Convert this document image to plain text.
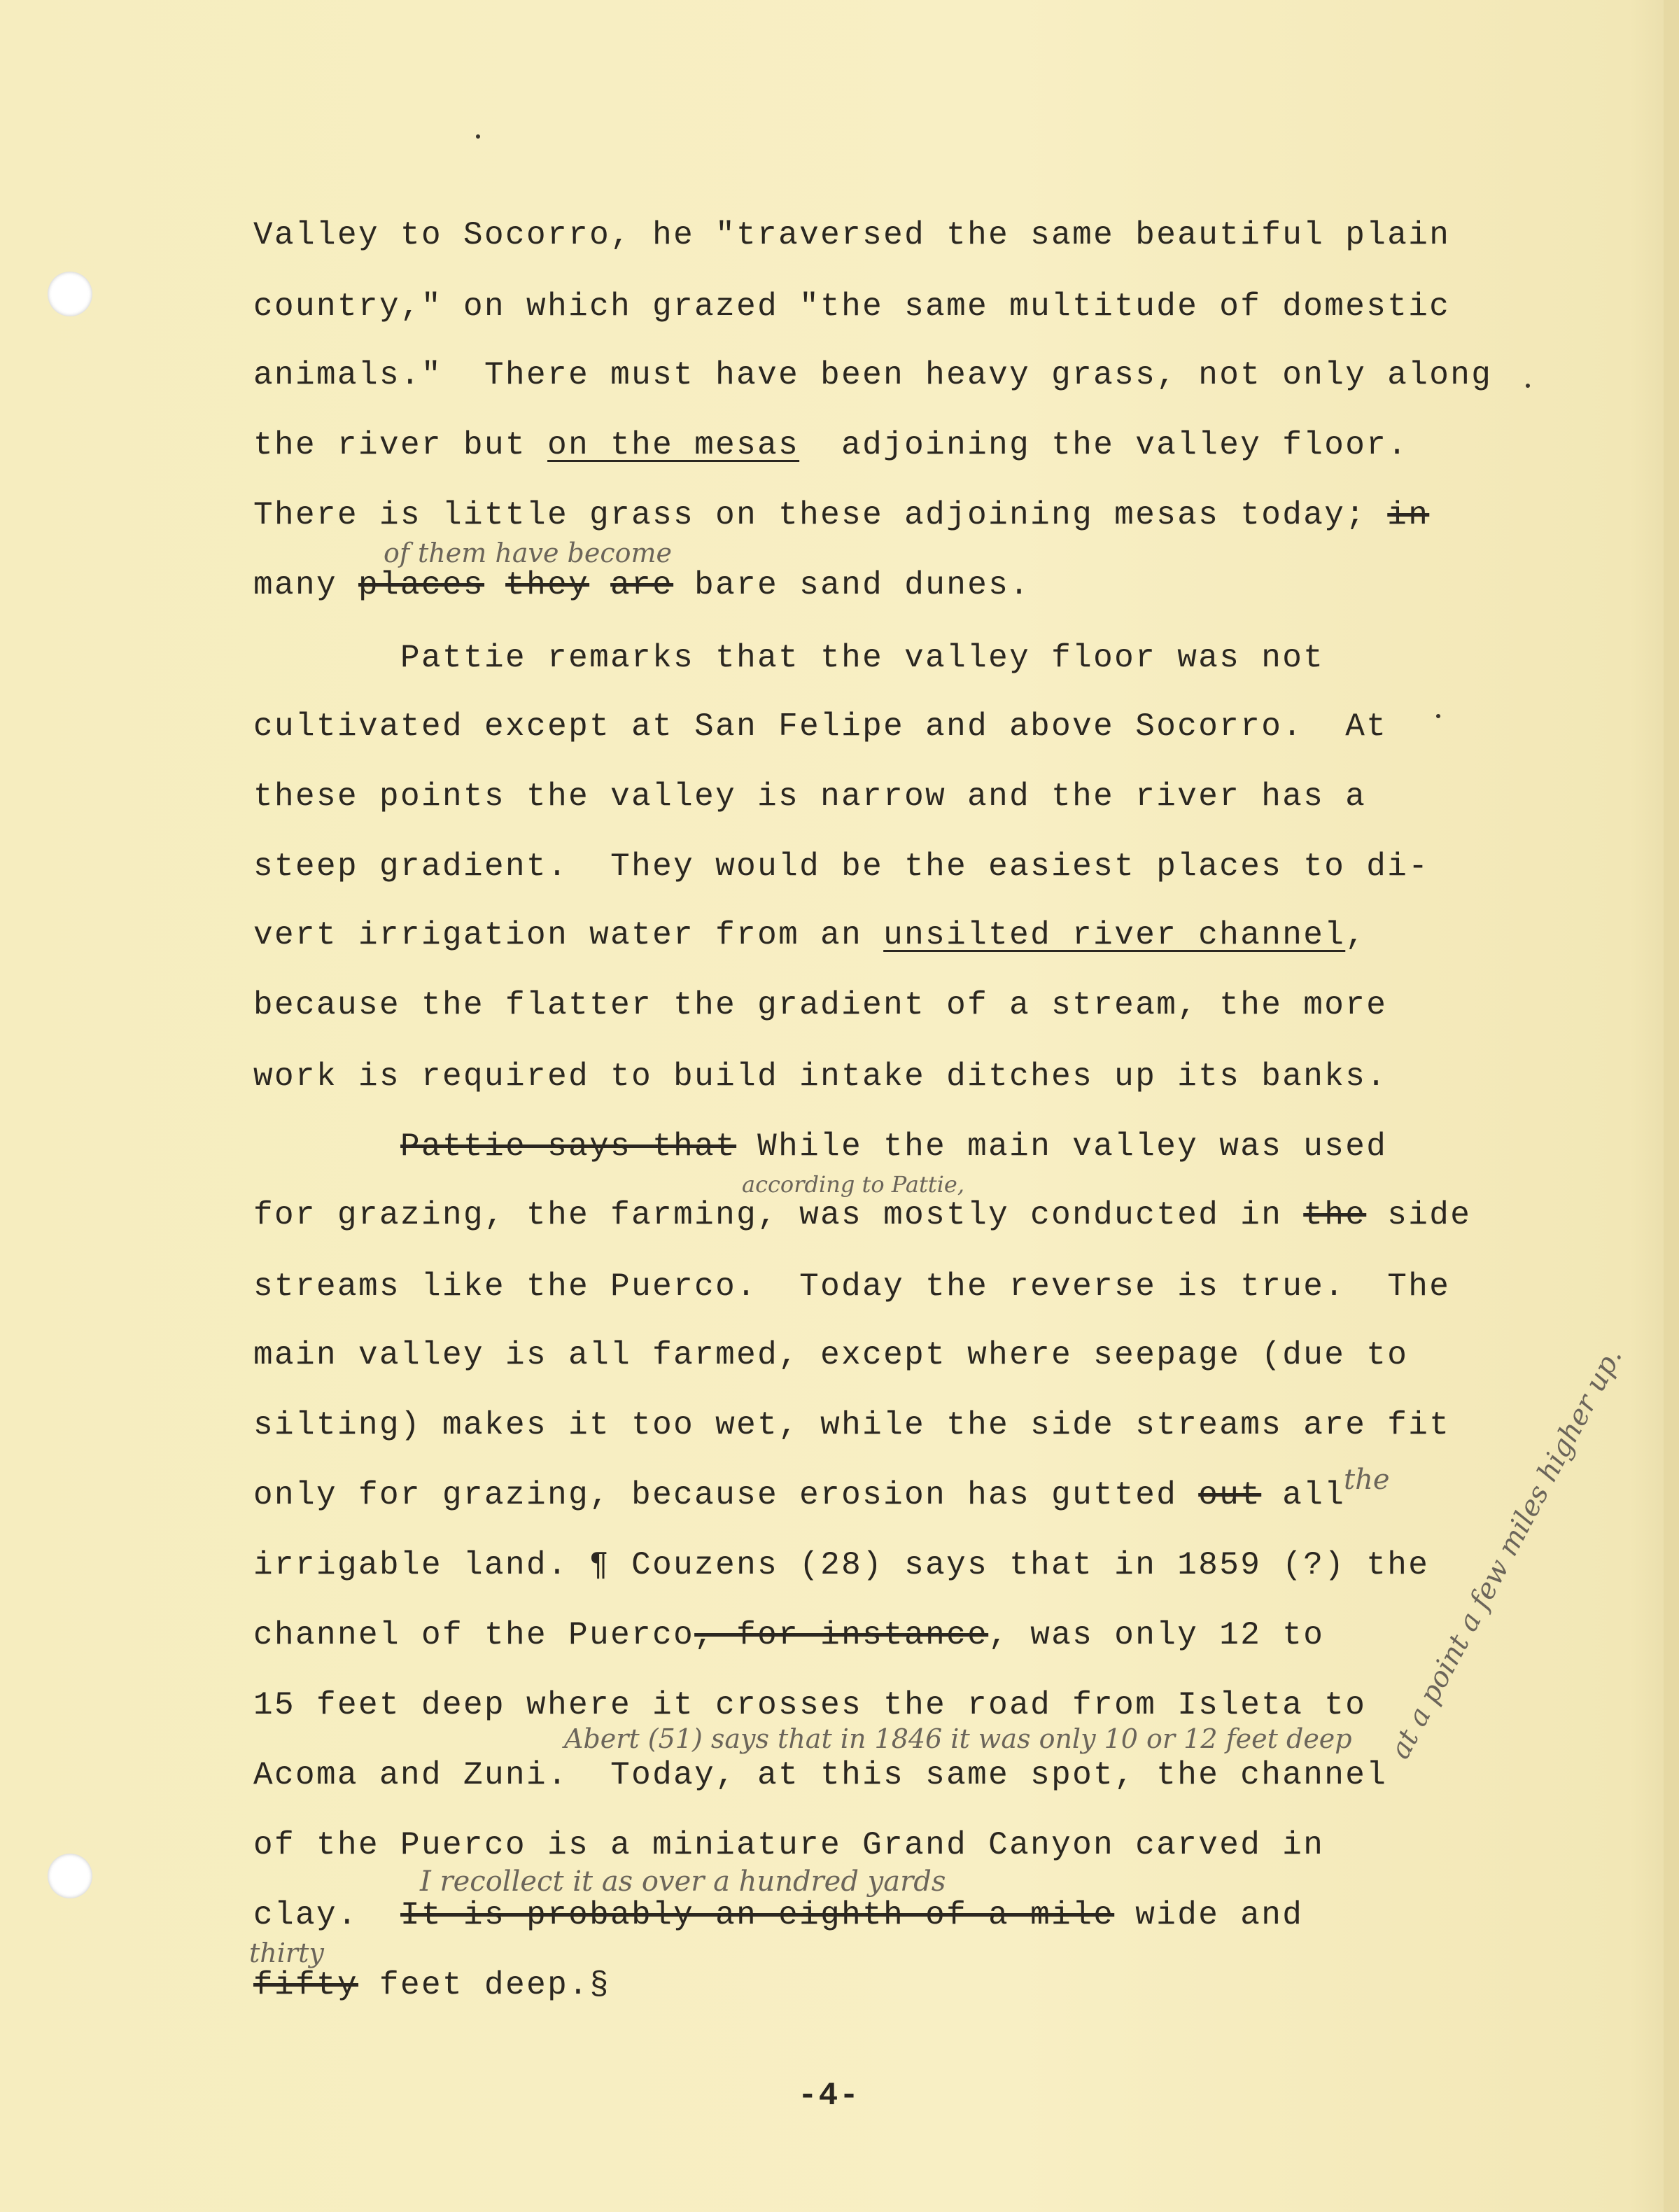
Valley to Socorro, he "traversed the same beautiful plain
country," on which grazed "the same multitude of domestic
animals."  There must have been heavy grass, not only along
the river but on the mesas  adjoining the valley floor.
There is little grass on these adjoining mesas today; in
many places they are bare sand dunes.
Pattie remarks that the valley floor was not
cultivated except at San Felipe and above Socorro.  At
these points the valley is narrow and the river has a
steep gradient.  They would be the easiest places to di-
vert irrigation water from an unsilted river channel,
because the flatter the gradient of a stream, the more
work is required to build intake ditches up its banks.
Pattie says that While the main valley was used
for grazing, the farming, was mostly conducted in the side
streams like the Puerco.  Today the reverse is true.  The
main valley is all farmed, except where seepage (due to
silting) makes it too wet, while the side streams are fit
only for grazing, because erosion has gutted out all
irrigable land. ¶ Couzens (28) says that in 1859 (?) the
channel of the Puerco, for instance, was only 12 to
15 feet deep where it crosses the road from Isleta to
Acoma and Zuni.  Today, at this same spot, the channel
of the Puerco is a miniature Grand Canyon carved in
clay.  It is probably an eighth of a mile wide and
fifty feet deep.§
of them have become
according to Pattie,
the
Abert (51) says that in 1846 it was only 10 or 12 feet deep at a point a few miles higher up.
I recollect it as over a hundred yards
thirty
-4-
